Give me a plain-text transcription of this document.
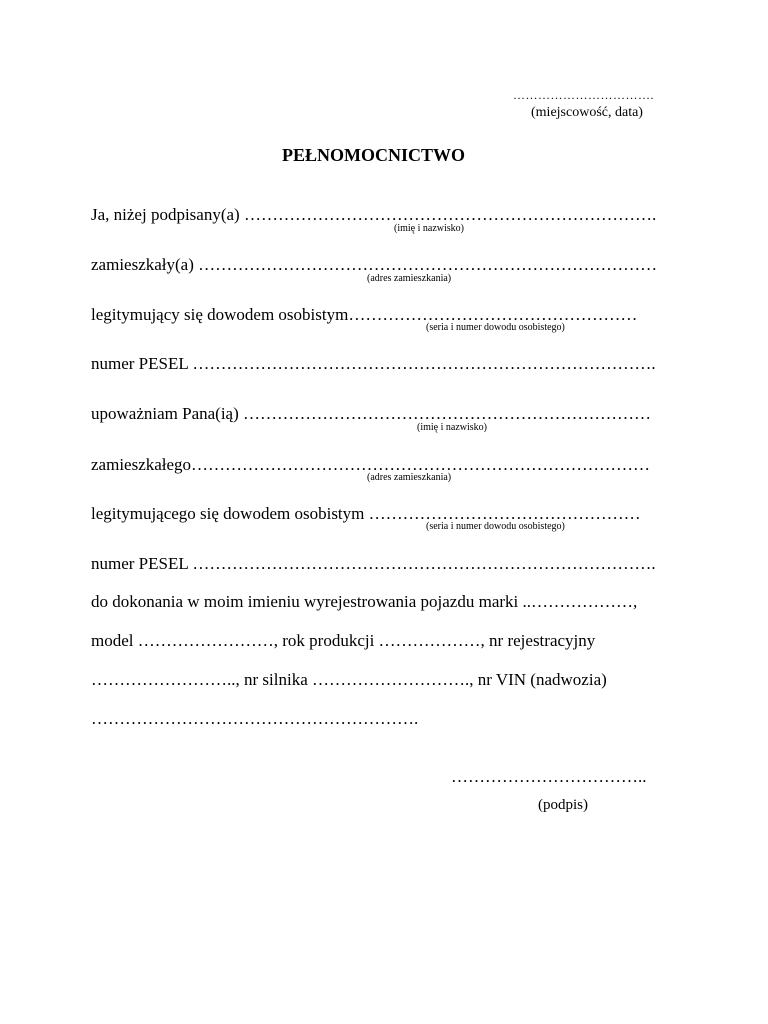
…………………………….
(miejscowość, data)
PEŁNOMOCNICTWO
Ja, niżej podpisany(a) ……………………………………………………………….
(imię i nazwisko)
zamieszkały(a) ………………………………………………………………………
(adres zamieszkania)
legitymujący się dowodem osobistym……………………………………………
(seria i numer dowodu osobistego)
numer PESEL ……………………………………………………………………….
upoważniam Pana(ią) ………………………………………………………………
(imię i nazwisko)
zamieszkałego………………………………………………………………………
(adres zamieszkania)
legitymującego się dowodem osobistym …………………………………………
(seria i numer dowodu osobistego)
numer PESEL ……………………………………………………………………….
do dokonania w moim imieniu wyrejestrowania pojazdu marki ..………………,
model ……………………, rok produkcji ………………, nr rejestracyjny
…………………….., nr silnika ………………………., nr VIN (nadwozia)
………………………………………………….
……………………………..
(podpis)
